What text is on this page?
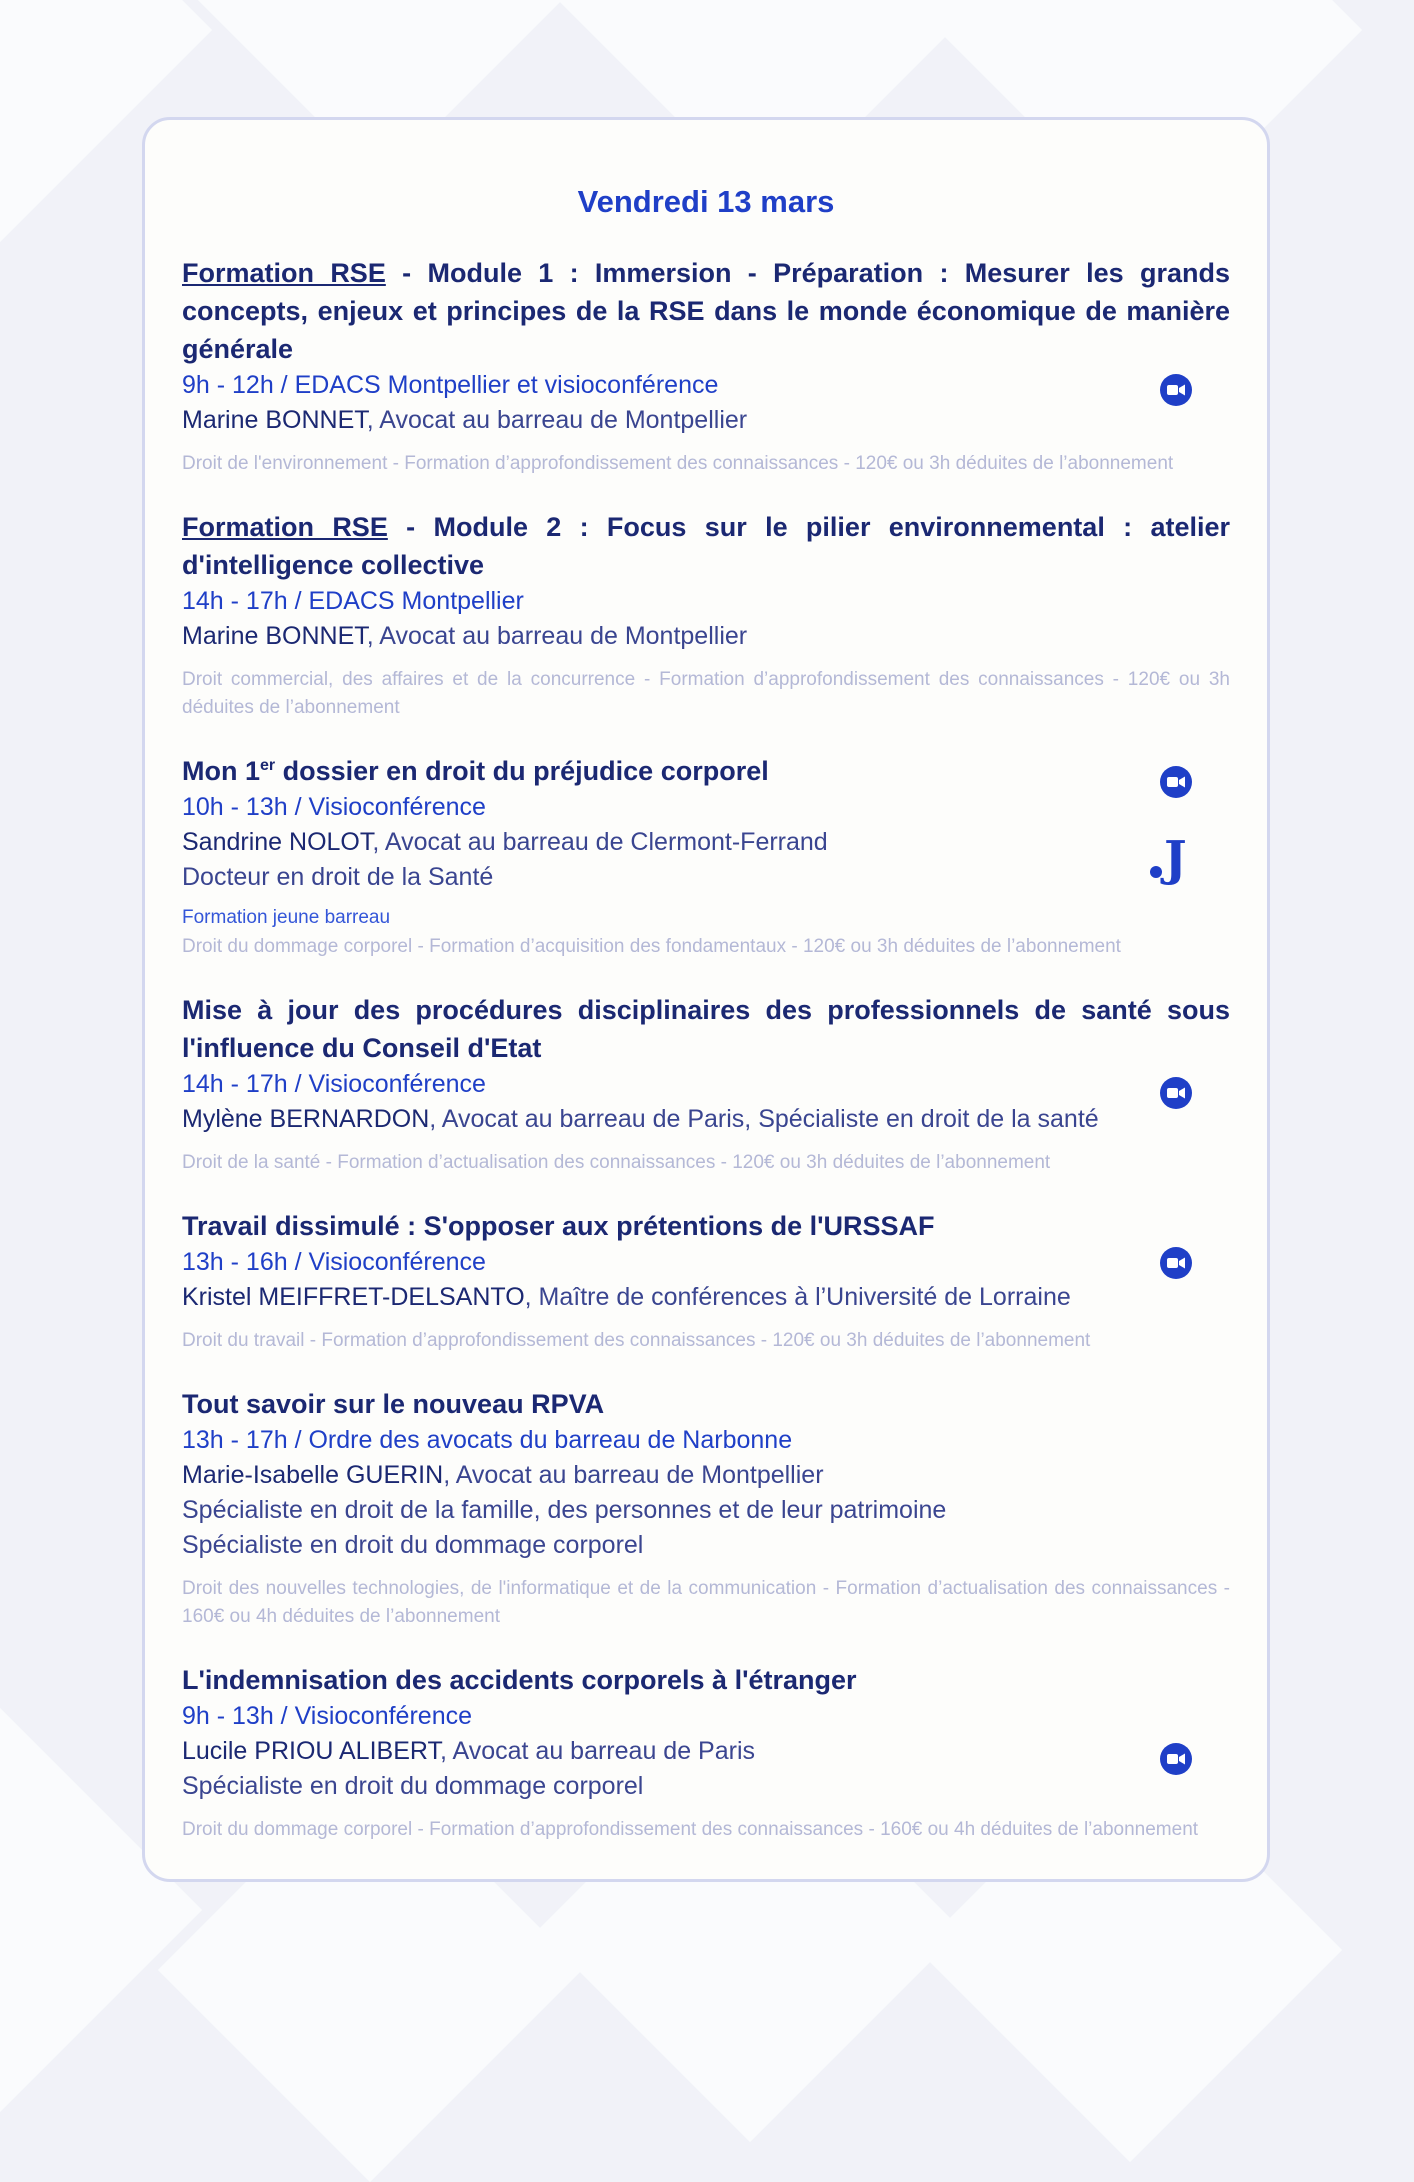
Vendredi 13 mars

Formation RSE - Module 1 : Immersion - Préparation : Mesurer les grands concepts, enjeux et principes de la RSE dans le monde économique de manière générale

9h - 12h / EDACS Montpellier et visioconférence
Marine BONNET, Avocat au barreau de Montpellier
Droit de l'environnement - Formation d’approfondissement des connaissances - 120€ ou 3h déduites de l’abonnement

Formation RSE - Module 2 : Focus sur le pilier environnemental : atelier d'intelligence collective

14h - 17h / EDACS Montpellier
Marine BONNET, Avocat au barreau de Montpellier
Droit commercial, des affaires et de la concurrence - Formation d’approfondissement des connaissances - 120€ ou 3h déduites de l’abonnement

Mon 1er dossier en droit du préjudice corporel

10h - 13h / Visioconférence
Sandrine NOLOT, Avocat au barreau de Clermont-Ferrand
Docteur en droit de la Santé
Formation jeune barreau
Droit du dommage corporel - Formation d’acquisition des fondamentaux - 120€ ou 3h déduites de l’abonnement
J

Mise à jour des procédures disciplinaires des professionnels de santé sous l'influence du Conseil d'Etat

14h - 17h / Visioconférence
Mylène BERNARDON, Avocat au barreau de Paris, Spécialiste en droit de la santé
Droit de la santé - Formation d’actualisation des connaissances - 120€ ou 3h déduites de l’abonnement

Travail dissimulé : S'opposer aux prétentions de l'URSSAF

13h - 16h / Visioconférence
Kristel MEIFFRET-DELSANTO, Maître de conférences à l’Université de Lorraine
Droit du travail - Formation d’approfondissement des connaissances - 120€ ou 3h déduites de l’abonnement

Tout savoir sur le nouveau RPVA

13h - 17h / Ordre des avocats du barreau de Narbonne
Marie-Isabelle GUERIN, Avocat au barreau de Montpellier
Spécialiste en droit de la famille, des personnes et de leur patrimoine
Spécialiste en droit du dommage corporel
Droit des nouvelles technologies, de l'informatique et de la communication - Formation d’actualisation des connaissances - 160€ ou 4h déduites de l’abonnement

L'indemnisation des accidents corporels à l'étranger

9h - 13h / Visioconférence
Lucile PRIOU ALIBERT, Avocat au barreau de Paris
Spécialiste en droit du dommage corporel
Droit du dommage corporel - Formation d’approfondissement des connaissances - 160€ ou 4h déduites de l’abonnement
